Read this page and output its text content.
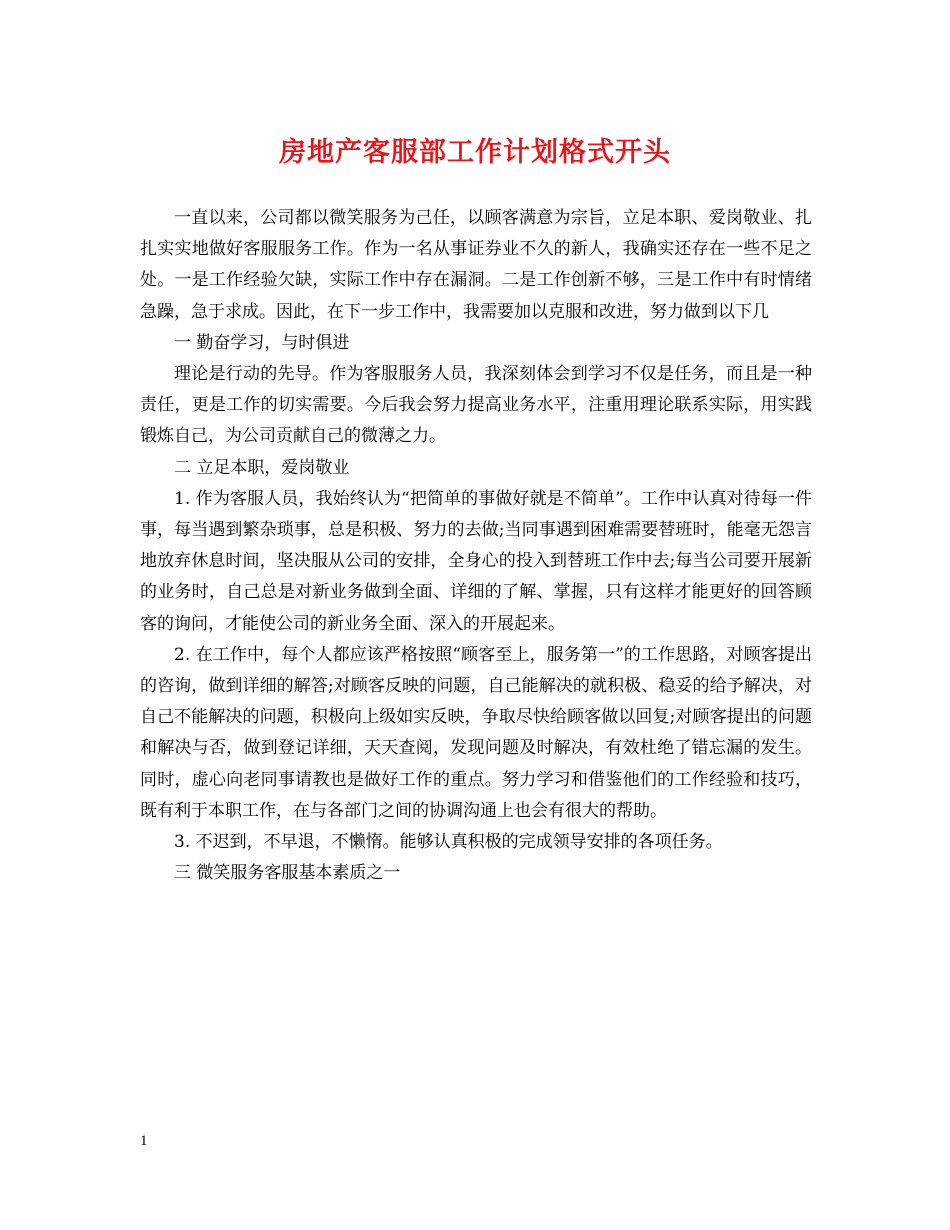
房地产客服部工作计划格式开头

一直以来，公司都以微笑服务为己任，以顾客满意为宗旨，立足本职、爱岗敬业、扎扎实实地做好客服服务工作。作为一名从事证券业不久的新人，我确实还存在一些不足之处。一是工作经验欠缺，实际工作中存在漏洞。二是工作创新不够，三是工作中有时情绪急躁，急于求成。因此，在下一步工作中，我需要加以克服和改进，努力做到以下几

一 勤奋学习，与时俱进

理论是行动的先导。作为客服服务人员，我深刻体会到学习不仅是任务，而且是一种责任，更是工作的切实需要。今后我会努力提高业务水平，注重用理论联系实际，用实践锻炼自己，为公司贡献自己的微薄之力。

二 立足本职，爱岗敬业

1. 作为客服人员，我始终认为“把简单的事做好就是不简单”。工作中认真对待每一件事，每当遇到繁杂琐事，总是积极、努力的去做;当同事遇到困难需要替班时，能毫无怨言地放弃休息时间，坚决服从公司的安排，全身心的投入到替班工作中去;每当公司要开展新的业务时，自己总是对新业务做到全面、详细的了解、掌握，只有这样才能更好的回答顾客的询问，才能使公司的新业务全面、深入的开展起来。

2. 在工作中，每个人都应该严格按照“顾客至上，服务第一”的工作思路，对顾客提出的咨询，做到详细的解答;对顾客反映的问题，自己能解决的就积极、稳妥的给予解决，对自己不能解决的问题，积极向上级如实反映，争取尽快给顾客做以回复;对顾客提出的问题和解决与否，做到登记详细，天天查阅，发现问题及时解决，有效杜绝了错忘漏的发生。同时，虚心向老同事请教也是做好工作的重点。努力学习和借鉴他们的工作经验和技巧，既有利于本职工作，在与各部门之间的协调沟通上也会有很大的帮助。

3. 不迟到，不早退，不懒惰。能够认真积极的完成领导安排的各项任务。

三 微笑服务客服基本素质之一

1
